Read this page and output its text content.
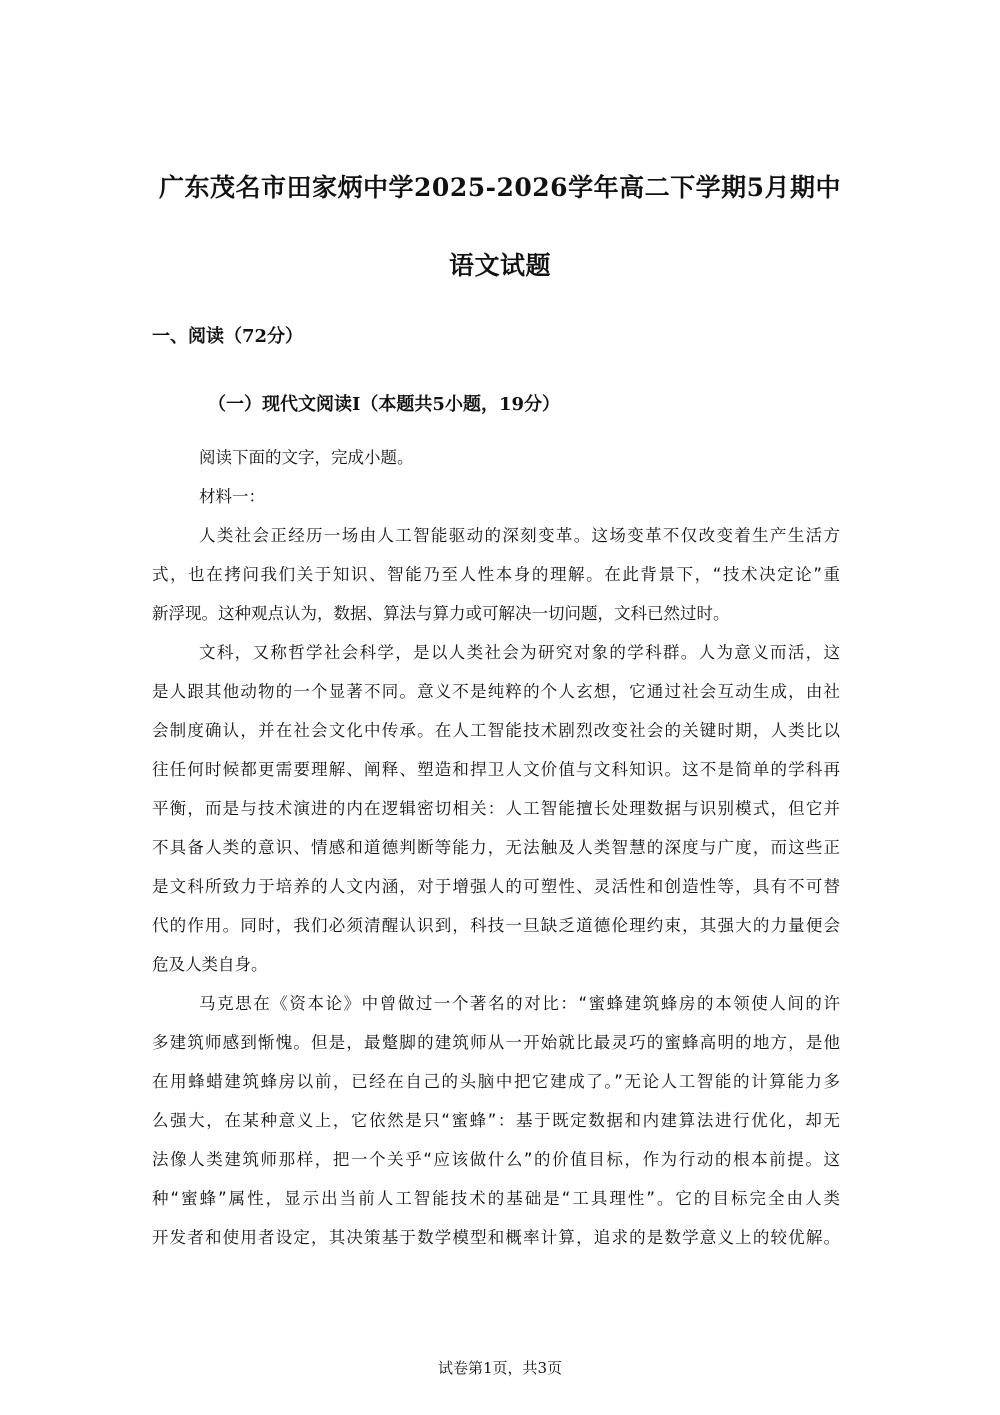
广东茂名市田家炳中学2025-2026学年高二下学期5月期中
语文试题
一、阅读（72分）
（一）现代文阅读I（本题共5小题，19分）
阅读下面的文字，完成小题。
材料一：
人类社会正经历一场由人工智能驱动的深刻变革。这场变革不仅改变着生产生活方
式，也在拷问我们关于知识、智能乃至人性本身的理解。在此背景下，“技术决定论”重
新浮现。这种观点认为，数据、算法与算力或可解决一切问题，文科已然过时。
文科，又称哲学社会科学，是以人类社会为研究对象的学科群。人为意义而活，这
是人跟其他动物的一个显著不同。意义不是纯粹的个人玄想，它通过社会互动生成，由社
会制度确认，并在社会文化中传承。在人工智能技术剧烈改变社会的关键时期，人类比以
往任何时候都更需要理解、阐释、塑造和捍卫人文价值与文科知识。这不是简单的学科再
平衡，而是与技术演进的内在逻辑密切相关：人工智能擅长处理数据与识别模式，但它并
不具备人类的意识、情感和道德判断等能力，无法触及人类智慧的深度与广度，而这些正
是文科所致力于培养的人文内涵，对于增强人的可塑性、灵活性和创造性等，具有不可替
代的作用。同时，我们必须清醒认识到，科技一旦缺乏道德伦理约束，其强大的力量便会
危及人类自身。
马克思在《资本论》中曾做过一个著名的对比：“蜜蜂建筑蜂房的本领使人间的许
多建筑师感到惭愧。但是，最蹩脚的建筑师从一开始就比最灵巧的蜜蜂高明的地方，是他
在用蜂蜡建筑蜂房以前，已经在自己的头脑中把它建成了。”无论人工智能的计算能力多
么强大，在某种意义上，它依然是只“蜜蜂”：基于既定数据和内建算法进行优化，却无
法像人类建筑师那样，把一个关乎“应该做什么”的价值目标，作为行动的根本前提。这
种“蜜蜂”属性，显示出当前人工智能技术的基础是“工具理性”。它的目标完全由人类
开发者和使用者设定，其决策基于数学模型和概率计算，追求的是数学意义上的较优解。
试卷第1页，共3页
